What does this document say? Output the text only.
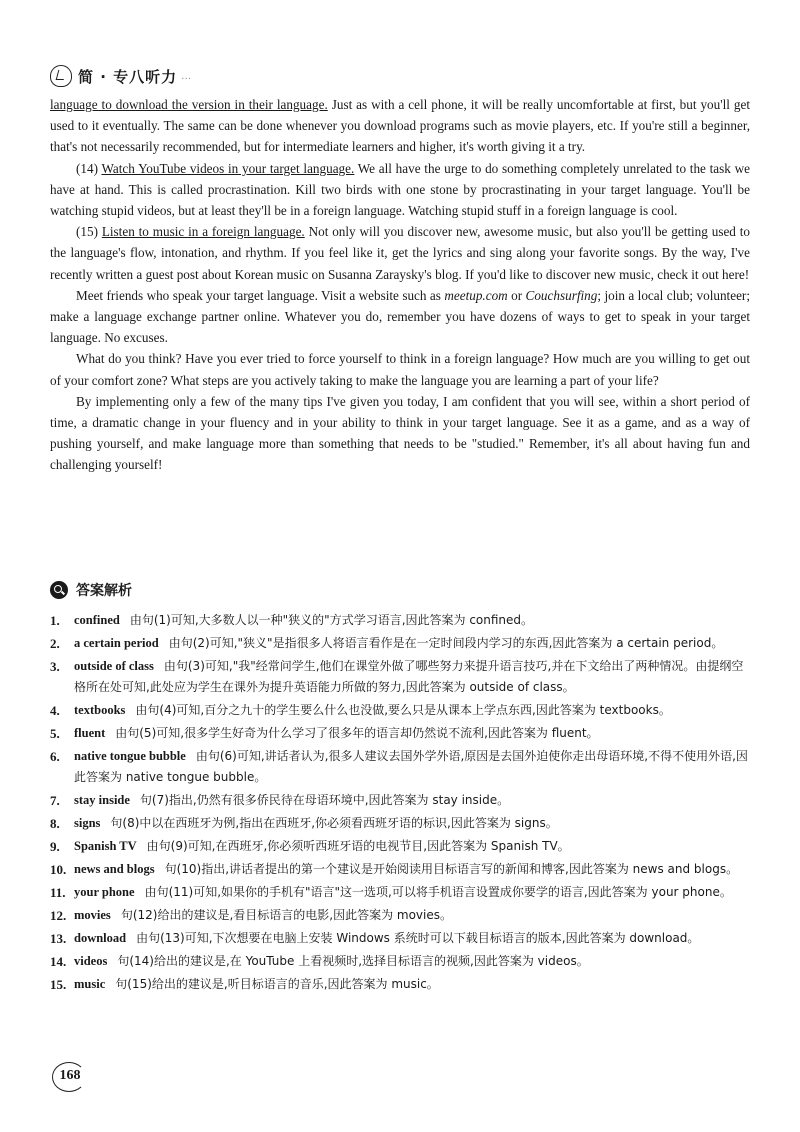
简 · 专八听力 …

language to download the version in their language. Just as with a cell phone, it will be really uncomfortable at first, but you'll get used to it eventually. The same can be done whenever you download programs such as movie players, etc. If you're still a beginner, that's not necessarily recommended, but for intermediate learners and higher, it's worth giving it a try.

(14) Watch YouTube videos in your target language. We all have the urge to do something completely unrelated to the task we have at hand. This is called procrastination. Kill two birds with one stone by procrastinating in your target language. You'll be watching stupid videos, but at least they'll be in a foreign language. Watching stupid stuff in a foreign language is cool.

(15) Listen to music in a foreign language. Not only will you discover new, awesome music, but also you'll be getting used to the language's flow, intonation, and rhythm. If you feel like it, get the lyrics and sing along your favorite songs. By the way, I've recently written a guest post about Korean music on Susanna Zaraysky's blog. If you'd like to discover new music, check it out here!

Meet friends who speak your target language. Visit a website such as meetup.com or Couchsurfing; join a local club; volunteer; make a language exchange partner online. Whatever you do, remember you have dozens of ways to get to speak in your target language. No excuses.

What do you think? Have you ever tried to force yourself to think in a foreign language? How much are you willing to get out of your comfort zone? What steps are you actively taking to make the language you are learning a part of your life?

By implementing only a few of the many tips I've given you today, I am confident that you will see, within a short period of time, a dramatic change in your fluency and in your ability to think in your target language. See it as a game, and as a way of pushing yourself, and make language more than something that needs to be "studied." Remember, it's all about having fun and challenging yourself!

答案解析
1.	confined 由句(1)可知,大多数人以一种"狭义的"方式学习语言,因此答案为 confined。
2.	a certain period 由句(2)可知,"狭义"是指很多人将语言看作是在一定时间段内学习的东西,因此答案为 a certain period。
3.	outside of class 由句(3)可知,"我"经常问学生,他们在课堂外做了哪些努力来提升语言技巧,并在下文给出了两种情况。由提纲空格所在处可知,此处应为学生在课外为提升英语能力所做的努力,因此答案为 outside of class。
4.	textbooks 由句(4)可知,百分之九十的学生要么什么也没做,要么只是从课本上学点东西,因此答案为 textbooks。
5.	fluent 由句(5)可知,很多学生好奇为什么学习了很多年的语言却仍然说不流利,因此答案为 fluent。
6.	native tongue bubble 由句(6)可知,讲话者认为,很多人建议去国外学外语,原因是去国外迫使你走出母语环境,不得不使用外语,因此答案为 native tongue bubble。
7.	stay inside 句(7)指出,仍然有很多侨民待在母语环境中,因此答案为 stay inside。
8.	signs 句(8)中以在西班牙为例,指出在西班牙,你必须看西班牙语的标识,因此答案为 signs。
9.	Spanish TV 由句(9)可知,在西班牙,你必须听西班牙语的电视节目,因此答案为 Spanish TV。
10. news and blogs 句(10)指出,讲话者提出的第一个建议是开始阅读用目标语言写的新闻和博客,因此答案为 news and blogs。
11. your phone 由句(11)可知,如果你的手机有"语言"这一选项,可以将手机语言设置成你要学的语言,因此答案为 your phone。
12. movies 句(12)给出的建议是,看目标语言的电影,因此答案为 movies。
13. download 由句(13)可知,下次想要在电脑上安装 Windows 系统时可以下载目标语言的版本,因此答案为 download。
14. videos 句(14)给出的建议是,在 YouTube 上看视频时,选择目标语言的视频,因此答案为 videos。
15. music 句(15)给出的建议是,听目标语言的音乐,因此答案为 music。
168
